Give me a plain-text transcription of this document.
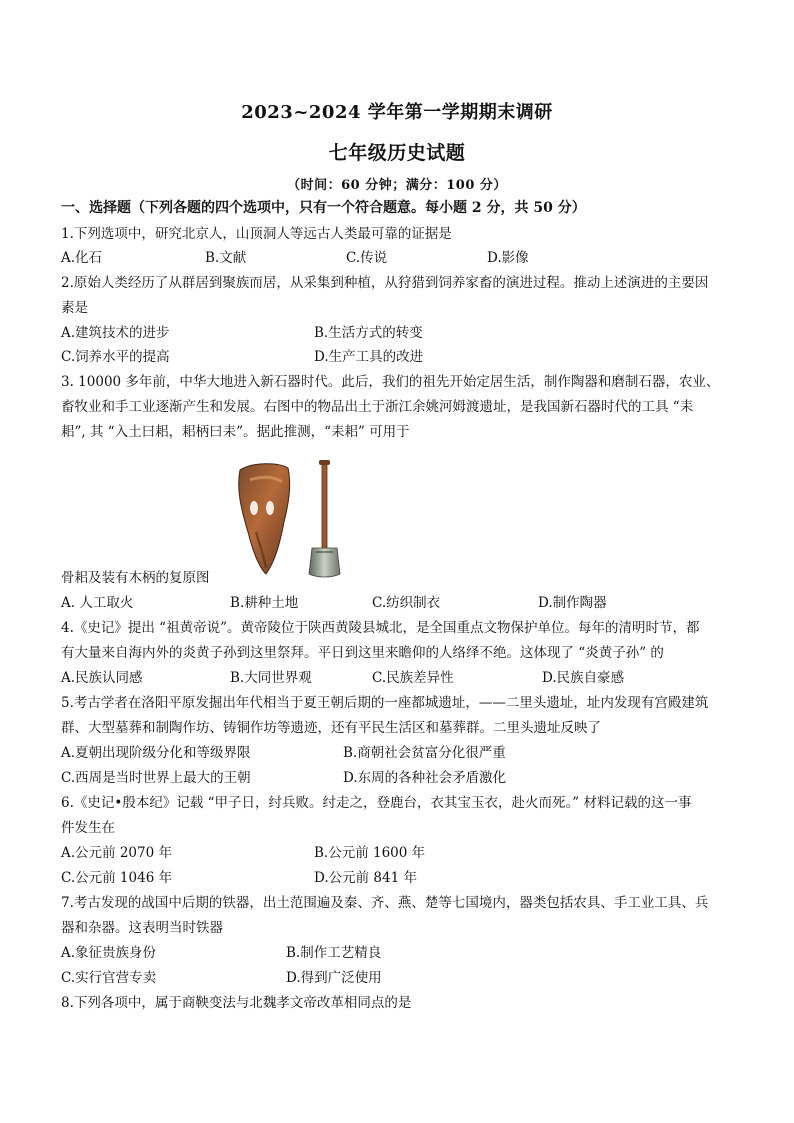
2023~2024 学年第一学期期末调研
七年级历史试题
（时间：60 分钟；满分：100 分）
一、选择题（下列各题的四个选项中，只有一个符合题意。每小题 2 分，共 50 分）
1.下列选项中，研究北京人，山顶洞人等远古人类最可靠的证据是
A.化石	B.文献	C.传说	D.影像
2.原始人类经历了从群居到聚族而居，从采集到种植，从狩猎到饲养家畜的演进过程。推动上述演进的主要因
素是
A.建筑技术的进步	B.生活方式的转变
C.饲养水平的提高	D.生产工具的改进
3. 10000 多年前，中华大地进入新石器时代。此后，我们的祖先开始定居生活，制作陶器和磨制石器，农业、
畜牧业和手工业逐渐产生和发展。右图中的物品出土于浙江余姚河姆渡遗址，是我国新石器时代的工具 “耒
耜”, 其 “入土曰耜，耜柄曰耒”。据此推测，“耒耜” 可用于
骨耜及装有木柄的复原图
A. 人工取火	B.耕种土地	C.纺织制衣	D.制作陶器
4.《史记》提出 “祖黄帝说”。黄帝陵位于陕西黄陵县城北，是全国重点文物保护单位。每年的清明时节，都
有大量来自海内外的炎黄子孙到这里祭拜。平日到这里来瞻仰的人络绎不绝。这体现了 “炎黄子孙” 的
A.民族认同感	B.大同世界观	C.民族差异性	D.民族自豪感
5.考古学者在洛阳平原发掘出年代相当于夏王朝后期的一座都城遗址，——二里头遗址，址内发现有宫殿建筑
群、大型墓葬和制陶作坊、铸铜作坊等遗迹，还有平民生活区和墓葬群。二里头遗址反映了
A.夏朝出现阶级分化和等级界限	B.商朝社会贫富分化很严重
C.西周是当时世界上最大的王朝	D.东周的各种社会矛盾激化
6.《史记•殷本纪》记载 “甲子日，纣兵败。纣走之，登鹿台，衣其宝玉衣，赴火而死。” 材料记载的这一事
件发生在
A.公元前 2070 年	B.公元前 1600 年
C.公元前 1046 年	D.公元前 841 年
7.考古发现的战国中后期的铁器，出土范围遍及秦、齐、燕、楚等七国境内，器类包括农具、手工业工具、兵
器和杂器。这表明当时铁器
A.象征贵族身份	B.制作工艺精良
C.实行官营专卖	D.得到广泛使用
8.下列各项中，属于商鞅变法与北魏孝文帝改革相同点的是
